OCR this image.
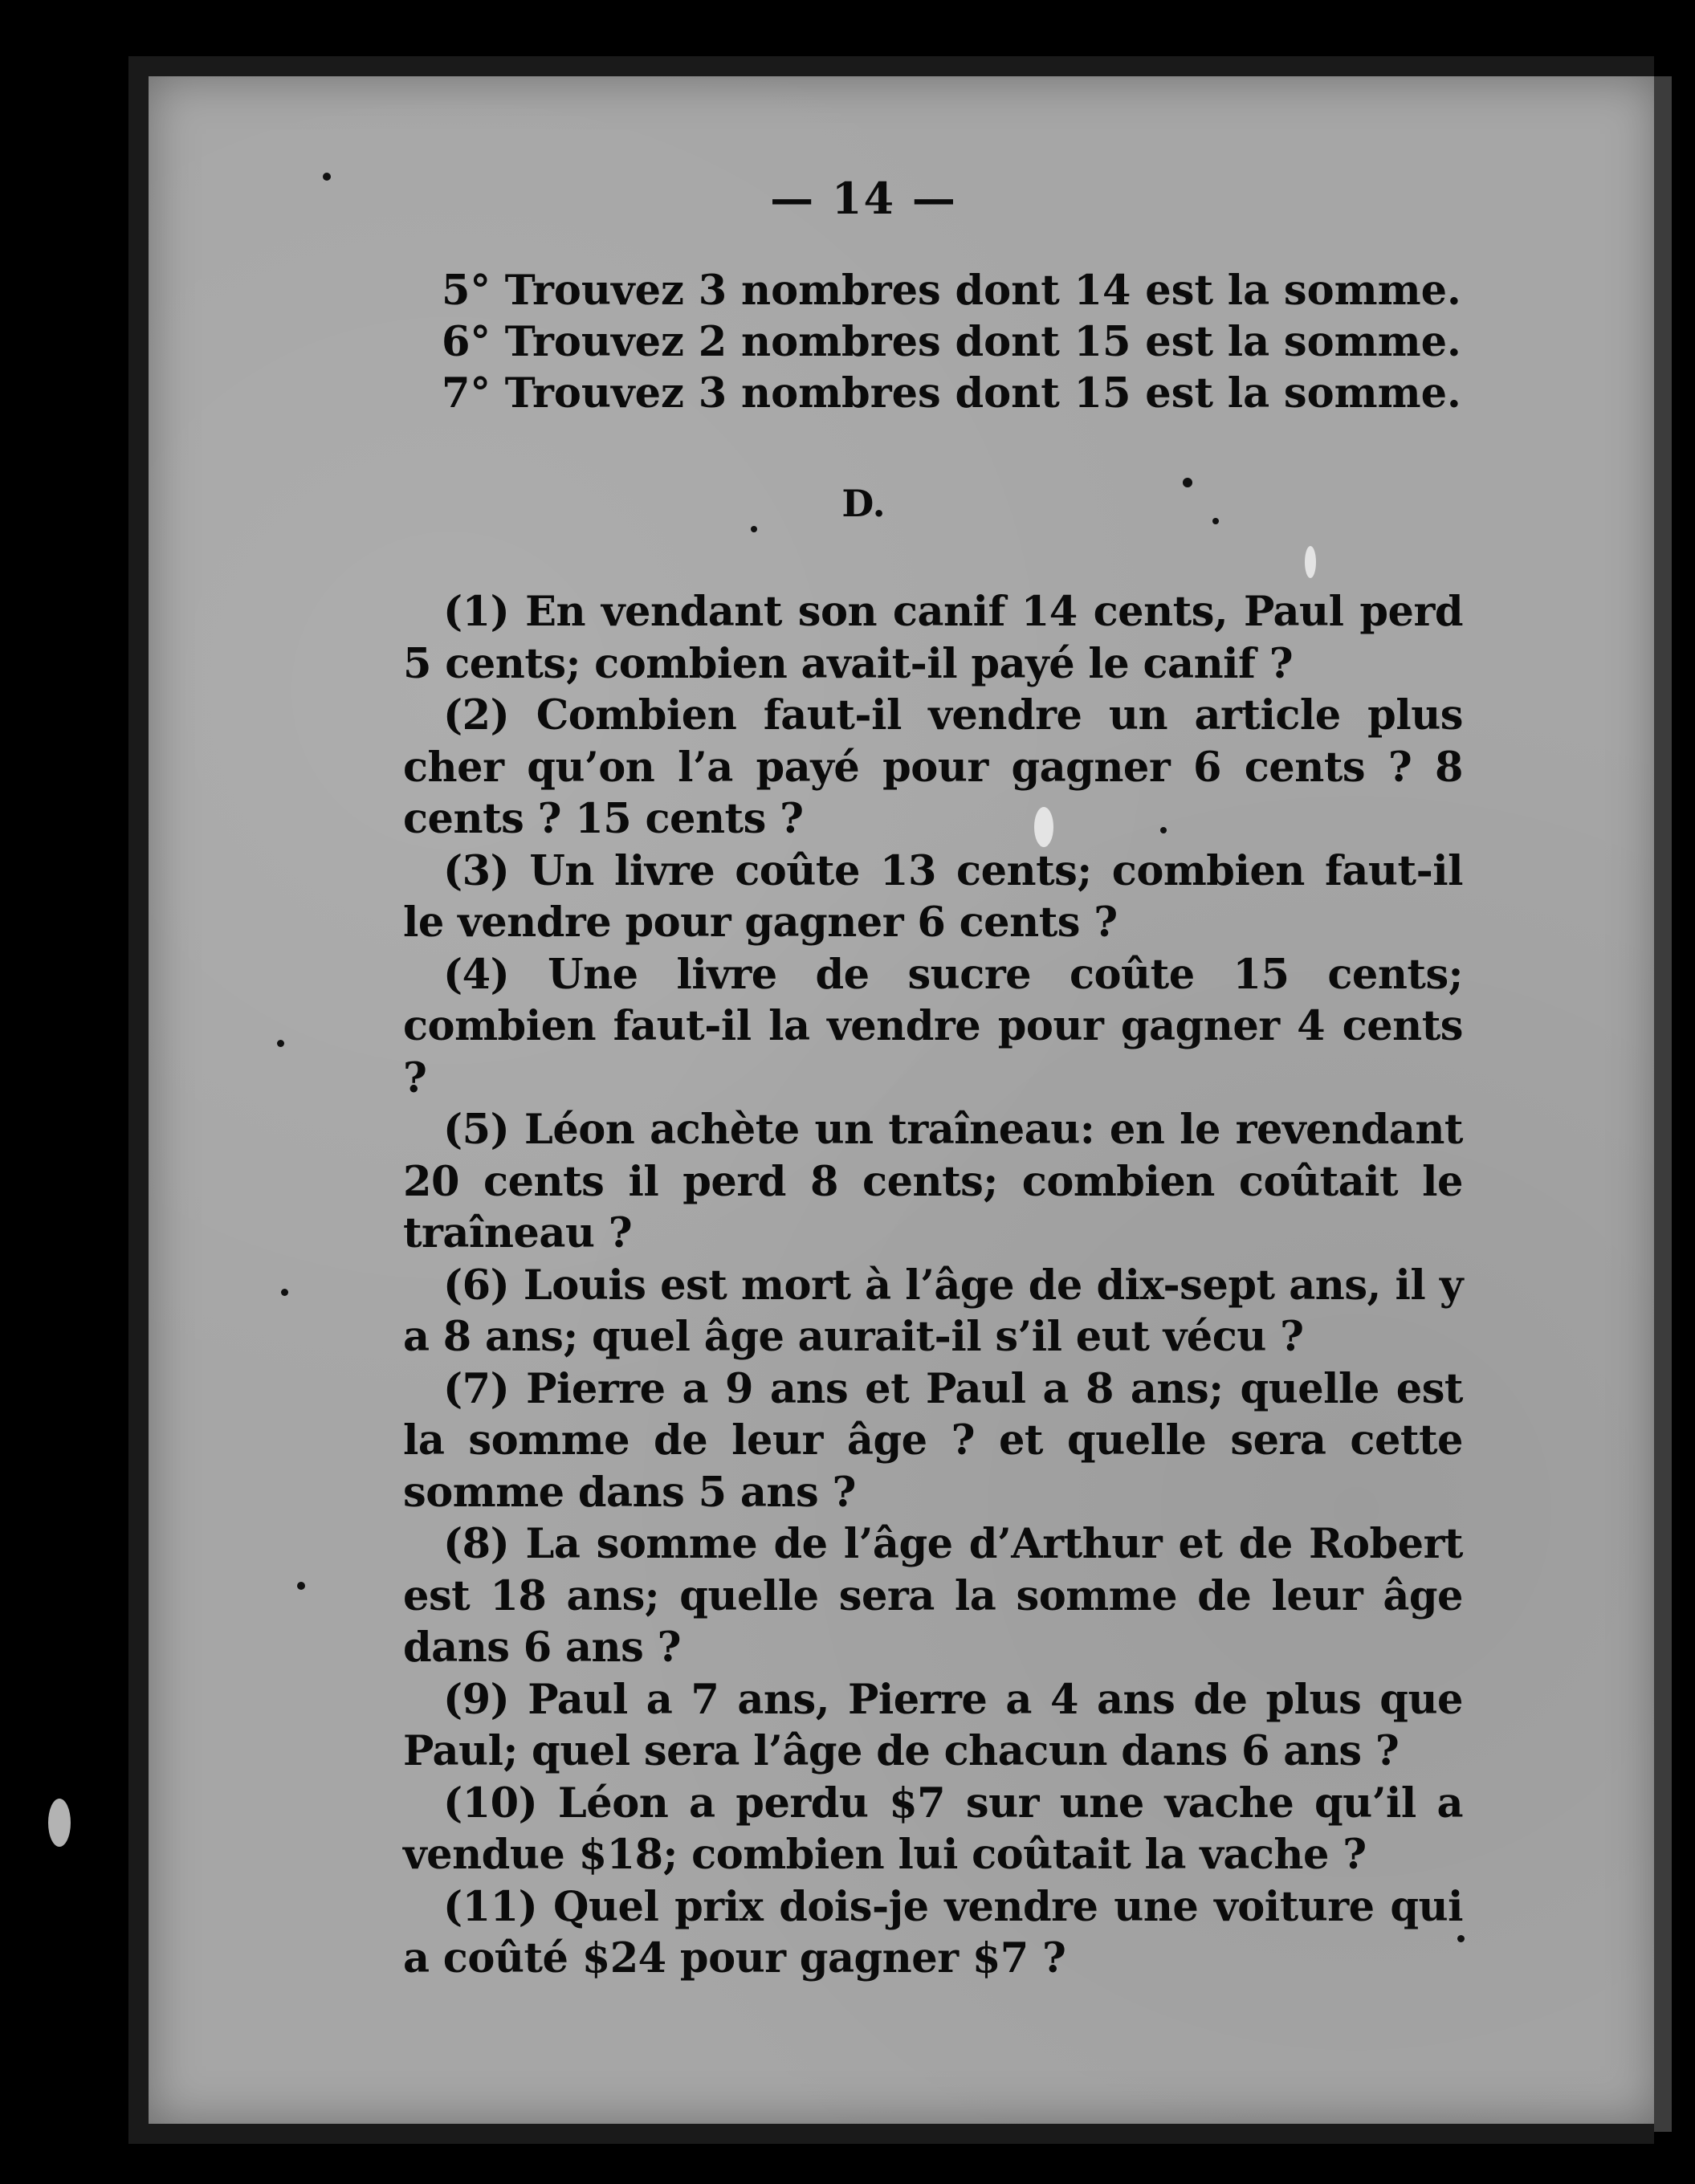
— 14 —
5° Trouvez 3 nombres dont 14 est la somme.
6° Trouvez 2 nombres dont 15 est la somme.
7° Trouvez 3 nombres dont 15 est la somme.
D.

(1) En vendant son canif 14 cents, Paul perd 5 cents; combien avait-il payé le canif ?

(2) Combien faut-il vendre un article plus cher qu’on l’a payé pour gagner 6 cents ? 8 cents ? 15 cents ?

(3) Un livre coûte 13 cents; combien faut-il le vendre pour gagner 6 cents ?

(4) Une livre de sucre coûte 15 cents; combien faut-il la vendre pour gagner 4 cents ?

(5) Léon achète un traîneau: en le revendant 20 cents il perd 8 cents; combien coûtait le traîneau ?

(6) Louis est mort à l’âge de dix-sept ans, il y a 8 ans; quel âge aurait-il s’il eut vécu ?

(7) Pierre a 9 ans et Paul a 8 ans; quelle est la somme de leur âge ? et quelle sera cette somme dans 5 ans ?

(8) La somme de l’âge d’Arthur et de Robert est 18 ans; quelle sera la somme de leur âge dans 6 ans ?

(9) Paul a 7 ans, Pierre a 4 ans de plus que Paul; quel sera l’âge de chacun dans 6 ans ?

(10) Léon a perdu $7 sur une vache qu’il a vendue $18; combien lui coûtait la vache ?

(11) Quel prix dois-je vendre une voiture qui a coûté $24 pour gagner $7 ?
